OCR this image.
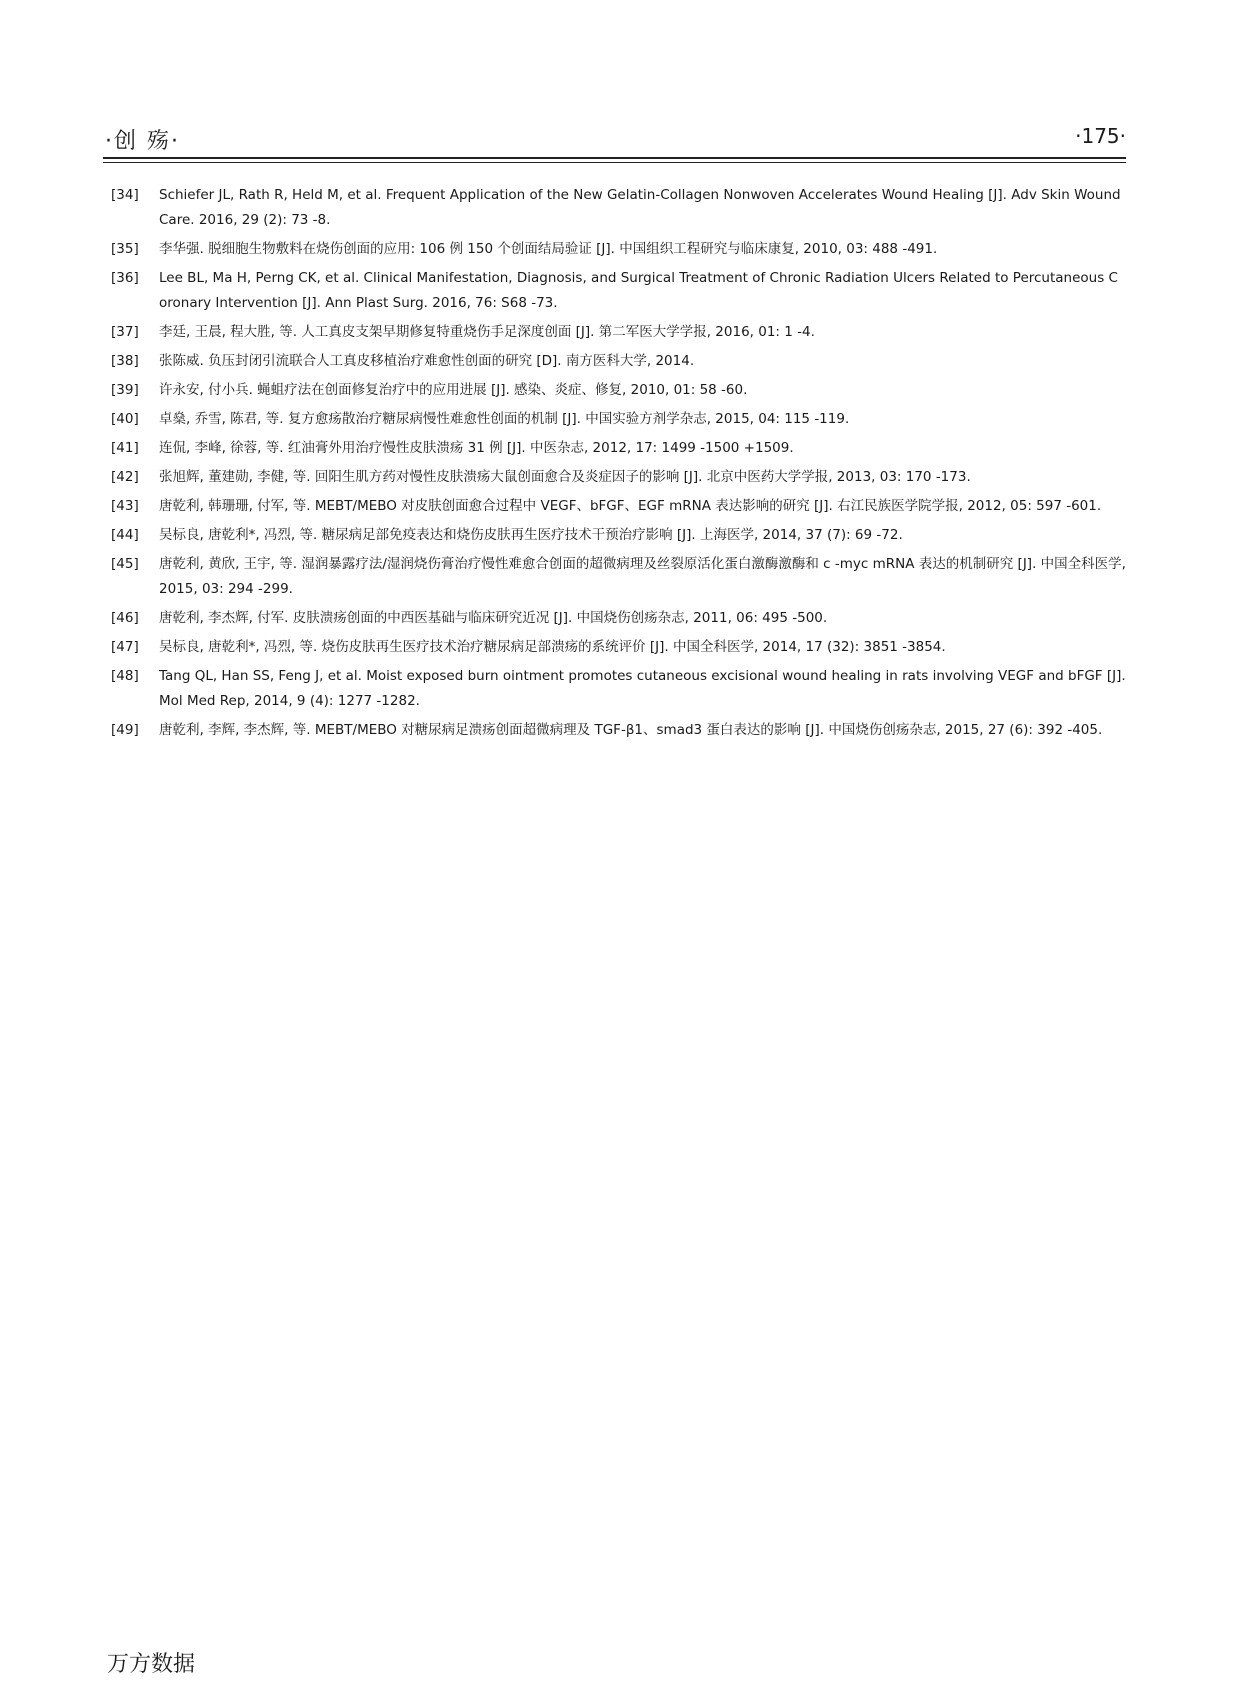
·创 殇·	·175·
[34] Schiefer JL, Rath R, Held M, et al. Frequent Application of the New Gelatin-Collagen Nonwoven Accelerates Wound Healing [J]. Adv Skin Wound Care. 2016, 29 (2): 73 -8.
[35] 李华强. 脱细胞生物敷料在烧伤创面的应用: 106 例 150 个创面结局验证 [J]. 中国组织工程研究与临床康复, 2010, 03: 488 -491.
[36] Lee BL, Ma H, Perng CK, et al. Clinical Manifestation, Diagnosis, and Surgical Treatment of Chronic Radiation Ulcers Related to Percutaneous Coronary Intervention [J]. Ann Plast Surg. 2016, 76: S68 -73.
[37] 李廷, 王晨, 程大胜, 等. 人工真皮支架早期修复特重烧伤手足深度创面 [J]. 第二军医大学学报, 2016, 01: 1 -4.
[38] 张陈威. 负压封闭引流联合人工真皮移植治疗难愈性创面的研究 [D]. 南方医科大学, 2014.
[39] 许永安, 付小兵. 蝇蛆疗法在创面修复治疗中的应用进展 [J]. 感染、炎症、修复, 2010, 01: 58 -60.
[40] 卓燊, 乔雪, 陈君, 等. 复方愈疡散治疗糖尿病慢性难愈性创面的机制 [J]. 中国实验方剂学杂志, 2015, 04: 115 -119.
[41] 连侃, 李峰, 徐蓉, 等. 红油膏外用治疗慢性皮肤溃疡 31 例 [J]. 中医杂志, 2012, 17: 1499 -1500 +1509.
[42] 张旭辉, 董建勋, 李健, 等. 回阳生肌方药对慢性皮肤溃疡大鼠创面愈合及炎症因子的影响 [J]. 北京中医药大学学报, 2013, 03: 170 -173.
[43] 唐乾利, 韩珊珊, 付军, 等. MEBT/MEBO 对皮肤创面愈合过程中 VEGF、bFGF、EGF mRNA 表达影响的研究 [J]. 右江民族医学院学报, 2012, 05: 597 -601.
[44] 吴标良, 唐乾利*, 冯烈, 等. 糖尿病足部免疫表达和烧伤皮肤再生医疗技术干预治疗影响 [J]. 上海医学, 2014, 37 (7): 69 -72.
[45] 唐乾利, 黄欣, 王宇, 等. 湿润暴露疗法/湿润烧伤膏治疗慢性难愈合创面的超微病理及丝裂原活化蛋白激酶激酶和 c -myc mRNA 表达的机制研究 [J]. 中国全科医学, 2015, 03: 294 -299.
[46] 唐乾利, 李杰辉, 付军. 皮肤溃疡创面的中西医基础与临床研究近况 [J]. 中国烧伤创疡杂志, 2011, 06: 495 -500.
[47] 吴标良, 唐乾利*, 冯烈, 等. 烧伤皮肤再生医疗技术治疗糖尿病足部溃疡的系统评价 [J]. 中国全科医学, 2014, 17 (32): 3851 -3854.
[48] Tang QL, Han SS, Feng J, et al. Moist exposed burn ointment promotes cutaneous excisional wound healing in rats involving VEGF and bFGF [J]. Mol Med Rep, 2014, 9 (4): 1277 -1282.
[49] 唐乾利, 李辉, 李杰辉, 等. MEBT/MEBO 对糖尿病足溃疡创面超微病理及 TGF-β1、smad3 蛋白表达的影响 [J]. 中国烧伤创疡杂志, 2015, 27 (6): 392 -405.
万方数据
